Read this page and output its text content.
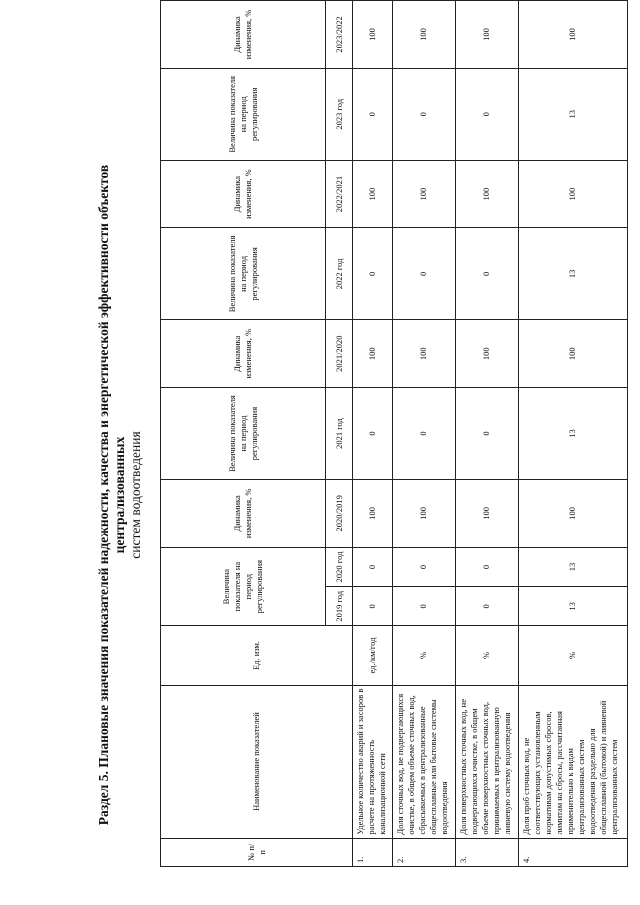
Раздел 5. Плановые значения показателей надежности, качества и энергетической эффективности объектов централизованных систем водоотведения
№ п/п	Наименование показателей	Ед. изм.	Величина показателя на период регулирования		Динамика изменения, %	Величина показателя на период регулирования	Динамика изменения, %	Величина показателя на период регулирования	Динамика изменения, %	Величина показателя на период регулирования	Динамика изменения, %
			2019 год	2020 год	2020/2019	2021 год	2021/2020	2022 год	2022/2021	2023 год	2023/2022
1.	Удельное количество аварий и засоров в расчете на протяженность канализационной сети	ед./км/год	0	0	100	0	100	0	100	0	100
2.	Доля сточных вод, не подвергающихся очистке, в общем объеме сточных вод, сбрасываемых в централизованные общесплавные или бытовые системы водоотведения	%	0	0	100	0	100	0	100	0	100
3.	Доля поверхностных сточных вод, не подвергающихся очистке, в общем объеме поверхностных сточных вод, принимаемых в централизованную ливневую систему водоотведения	%	0	0	100	0	100	0	100	0	100
4.	Доля проб сточных вод, не соответствующих установленным нормативам допустимых сбросов, лимитам на сбросы, рассчитанная применительно к видам централизованных систем водоотведения раздельно для общесплавной (бытовой) и ливневой централизованных систем	%	13	13	100	13	100	13	100	13	100
